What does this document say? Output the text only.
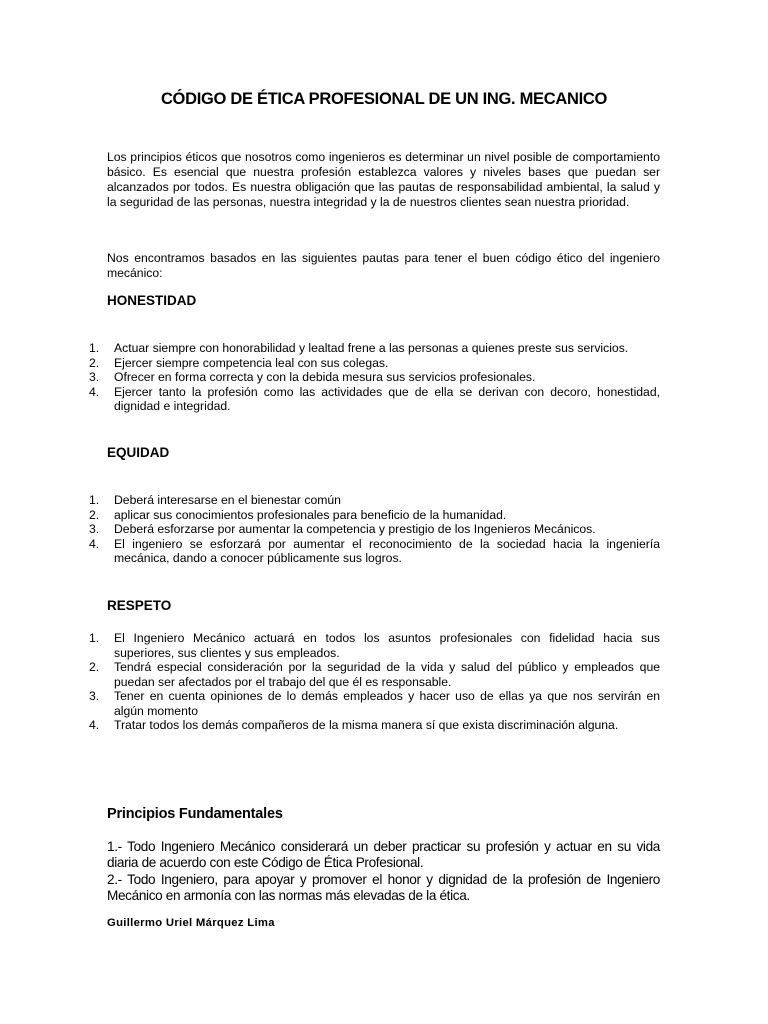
CÓDIGO DE ÉTICA PROFESIONAL DE UN ING. MECANICO

Los principios éticos que nosotros como ingenieros es determinar un nivel posible de comportamiento básico. Es esencial que nuestra profesión establezca valores y niveles bases que puedan ser alcanzados por todos. Es nuestra obligación que las pautas de responsabilidad ambiental, la salud y la seguridad de las personas, nuestra integridad y la de nuestros clientes sean nuestra prioridad.

Nos encontramos basados en las siguientes pautas para tener el buen código ético del ingeniero mecánico:

HONESTIDAD
1. Actuar siempre con honorabilidad y lealtad frene a las personas a quienes preste sus servicios.
2. Ejercer siempre competencia leal con sus colegas.
3. Ofrecer en forma correcta y con la debida mesura sus servicios profesionales.
4. Ejercer tanto la profesión como las actividades que de ella se derivan con decoro, honestidad, dignidad e integridad.
EQUIDAD
1. Deberá interesarse en el bienestar común
2. aplicar sus conocimientos profesionales para beneficio de la humanidad.
3. Deberá esforzarse por aumentar la competencia y prestigio de los Ingenieros Mecánicos.
4. El ingeniero se esforzará por aumentar el reconocimiento de la sociedad hacia la ingeniería mecánica, dando a conocer públicamente sus logros.
RESPETO
1. El Ingeniero Mecánico actuará en todos los asuntos profesionales con fidelidad hacia sus superiores, sus clientes y sus empleados.
2. Tendrá especial consideración por la seguridad de la vida y salud del público y empleados que puedan ser afectados por el trabajo del que él es responsable.
3. Tener en cuenta opiniones de lo demás empleados y hacer uso de ellas ya que nos servirán en algún momento
4. Tratar todos los demás compañeros de la misma manera sí que exista discriminación alguna.
Principios Fundamentales

1.- Todo Ingeniero Mecánico considerará un deber practicar su profesión y actuar en su vida diaria de acuerdo con este Código de Ética Profesional.

2.- Todo Ingeniero, para apoyar y promover el honor y dignidad de la profesión de Ingeniero Mecánico en armonía con las normas más elevadas de la ética.

Guillermo Uriel Márquez Lima
